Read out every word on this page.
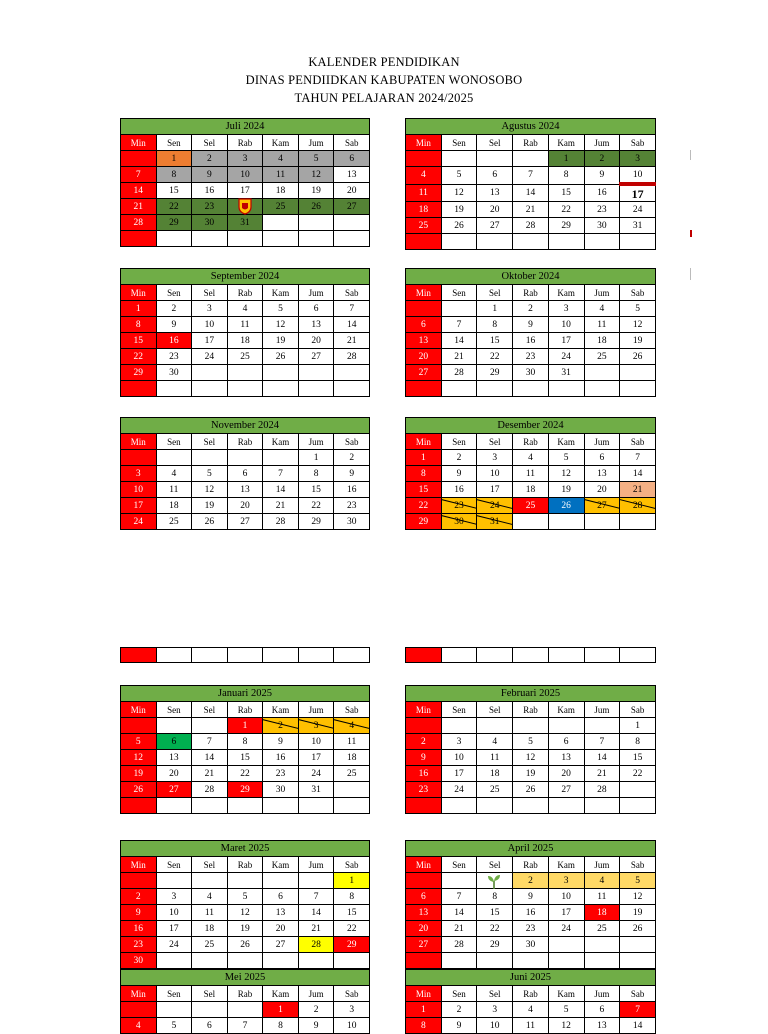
KALENDER PENDIDIKAN
DINAS PENDIIDKAN KABUPATEN WONOSOBO
TAHUN PELAJARAN 2024/2025
Juli 2024						
Min	Sen	Sel	Rab	Kam	Jum	Sab
	1	2	3	4	5	6
7	8	9	10	11	12	13
14	15	16	17	18	19	20
21	22	23		25	26	27
28	29	30	31			

Agustus 2024						
Min	Sen	Sel	Rab	Kam	Jum	Sab
				1	2	3
4	5	6	7	8	9	10
11	12	13	14	15	16	17
18	19	20	21	22	23	24
25	26	27	28	29	30	31

September 2024						
Min	Sen	Sel	Rab	Kam	Jum	Sab
1	2	3	4	5	6	7
8	9	10	11	12	13	14
15	16	17	18	19	20	21
22	23	24	25	26	27	28
29	30					

Oktober 2024						
Min	Sen	Sel	Rab	Kam	Jum	Sab
		1	2	3	4	5
6	7	8	9	10	11	12
13	14	15	16	17	18	19
20	21	22	23	24	25	26
27	28	29	30	31		

November 2024						
Min	Sen	Sel	Rab	Kam	Jum	Sab
					1	2
3	4	5	6	7	8	9
10	11	12	13	14	15	16
17	18	19	20	21	22	23
24	25	26	27	28	29	30
Desember 2024						
Min	Sen	Sel	Rab	Kam	Jum	Sab
1	2	3	4	5	6	7
8	9	10	11	12	13	14
15	16	17	18	19	20	21
22	23	24	25	26	27	28
29	30	31				
Januari 2025						
Min	Sen	Sel	Rab	Kam	Jum	Sab
			1	2	3	4
5	6	7	8	9	10	11
12	13	14	15	16	17	18
19	20	21	22	23	24	25
26	27	28	29	30	31	

Februari 2025						
Min	Sen	Sel	Rab	Kam	Jum	Sab
						1
2	3	4	5	6	7	8
9	10	11	12	13	14	15
16	17	18	19	20	21	22
23	24	25	26	27	28	

Maret 2025						
Min	Sen	Sel	Rab	Kam	Jum	Sab
						1
2	3	4	5	6	7	8
9	10	11	12	13	14	15
16	17	18	19	20	21	22
23	24	25	26	27	28	29
30						
April 2025						
Min	Sen	Sel	Rab	Kam	Jum	Sab
			2	3	4	5
6	7	8	9	10	11	12
13	14	15	16	17	18	19
20	21	22	23	24	25	26
27	28	29	30			

Mei 2025						
Min	Sen	Sel	Rab	Kam	Jum	Sab
				1	2	3
4	5	6	7	8	9	10
Juni 2025						
Min	Sen	Sel	Rab	Kam	Jum	Sab
1	2	3	4	5	6	7
8	9	10	11	12	13	14
